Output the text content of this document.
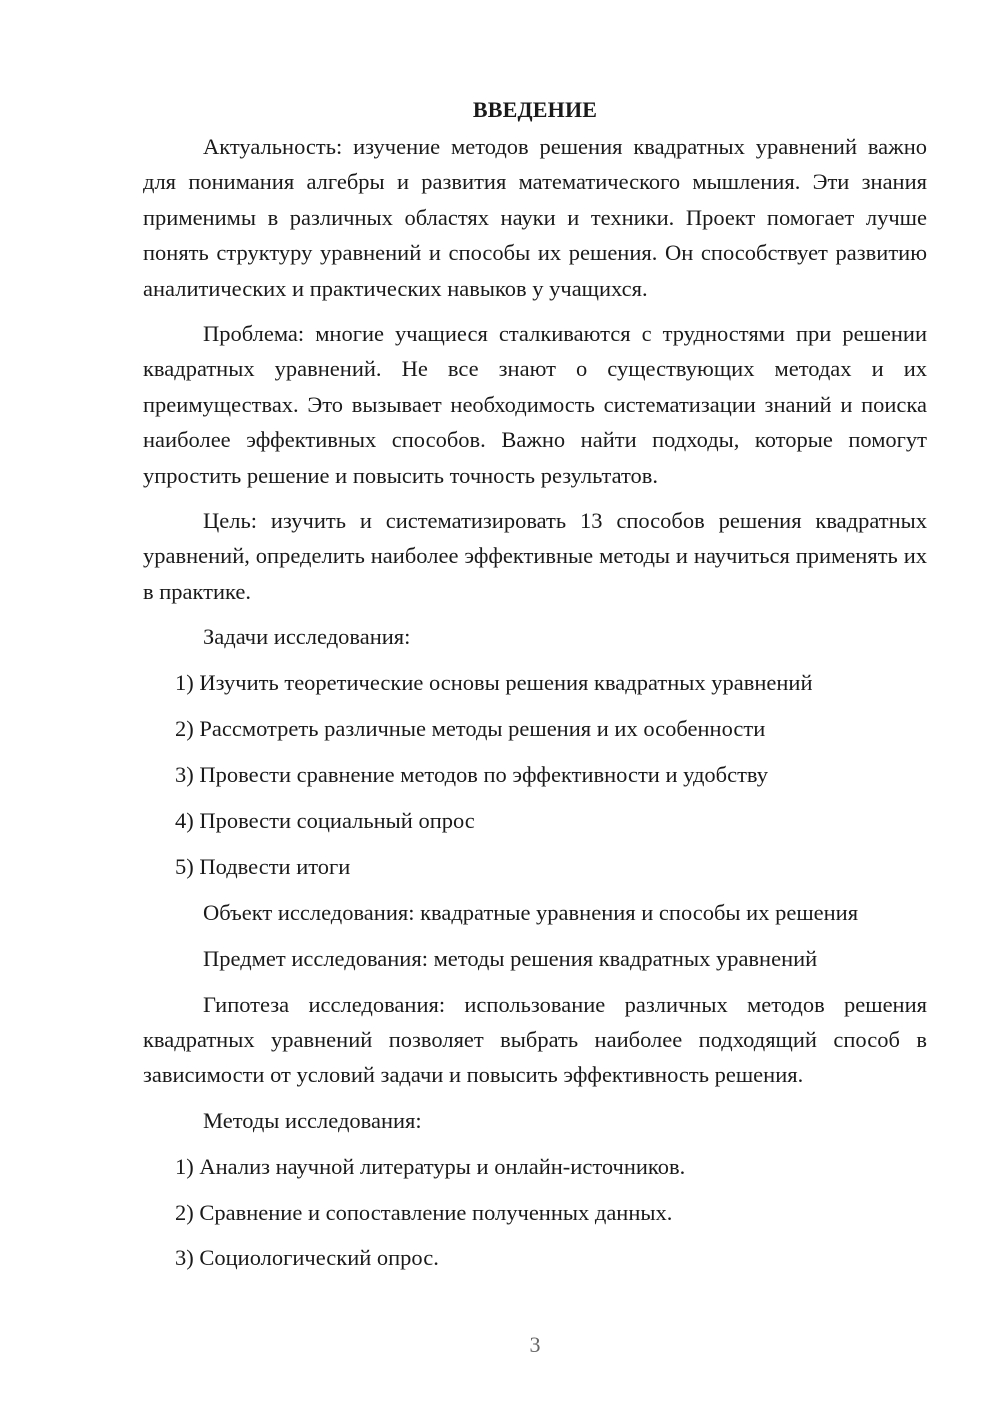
ВВЕДЕНИЕ

Актуальность: изучение методов решения квадратных уравнений важно для понимания алгебры и развития математического мышления. Эти знания применимы в различных областях науки и техники. Проект помогает лучше понять структуру уравнений и способы их решения. Он способствует развитию аналитических и практических навыков у учащихся.

Проблема: многие учащиеся сталкиваются с трудностями при решении квадратных уравнений. Не все знают о существующих методах и их преимуществах. Это вызывает необходимость систематизации знаний и поиска наиболее эффективных способов. Важно найти подходы, которые помогут упростить решение и повысить точность результатов.

Цель: изучить и систематизировать 13 способов решения квадратных уравнений, определить наиболее эффективные методы и научиться применять их в практике.

Задачи исследования:

1) Изучить теоретические основы решения квадратных уравнений
2) Рассмотреть различные методы решения и их особенности
3) Провести сравнение методов по эффективности и удобству
4) Провести социальный опрос
5) Подвести итоги

Объект исследования: квадратные уравнения и способы их решения

Предмет исследования: методы решения квадратных уравнений

Гипотеза исследования: использование различных методов решения квадратных уравнений позволяет выбрать наиболее подходящий способ в зависимости от условий задачи и повысить эффективность решения.

Методы исследования:

1) Анализ научной литературы и онлайн-источников.
2) Сравнение и сопоставление полученных данных.
3) Социологический опрос.
3
